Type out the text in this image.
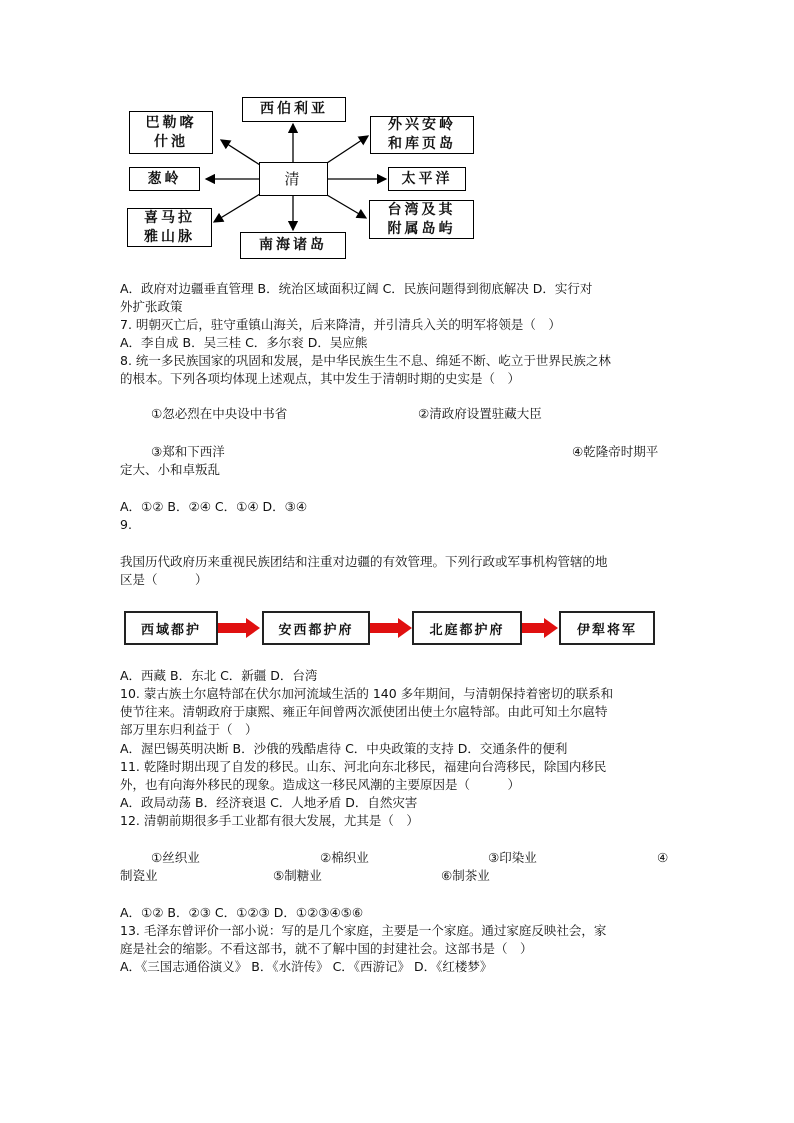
清
西伯利亚
巴勒喀
什池
外兴安岭
和库页岛
葱岭	太平洋
喜马拉
雅山脉
南海诸岛
台湾及其
附属岛屿
A．政府对边疆垂直管理 B．统治区域面积辽阔 C．民族问题得到彻底解决 D．实行对
外扩张政策
7. 明朝灭亡后，驻守重镇山海关，后来降清，并引清兵入关的明军将领是（　）
A．李自成 B．吴三桂 C．多尔衮 D．吴应熊
8. 统一多民族国家的巩固和发展，是中华民族生生不息、绵延不断、屹立于世界民族之林
的根本。下列各项均体现上述观点，其中发生于清朝时期的史实是（　）
①忽必烈在中央设中书省	②清政府设置驻藏大臣
③郑和下西洋	④乾隆帝时期平
定大、小和卓叛乱
A．①② B．②④ C．①④ D．③④
9.
我国历代政府历来重视民族团结和注重对边疆的有效管理。下列行政或军事机构管辖的地
区是（　　　）
西域都护	安西都护府	北庭都护府	伊犁将军
A．西藏 B．东北 C．新疆 D．台湾
10. 蒙古族土尔扈特部在伏尔加河流域生活的 140 多年期间，与清朝保持着密切的联系和
使节往来。清朝政府于康熙、雍正年间曾两次派使团出使土尔扈特部。由此可知土尔扈特
部万里东归利益于（　）
A．渥巴锡英明决断 B．沙俄的残酷虐待 C．中央政策的支持 D．交通条件的便利
11. 乾隆时期出现了自发的移民。山东、河北向东北移民，福建向台湾移民，除国内移民
外，也有向海外移民的现象。造成这一移民风潮的主要原因是（　　　）
A．政局动荡 B．经济衰退 C．人地矛盾 D．自然灾害
12. 清朝前期很多手工业都有很大发展，尤其是（　）
①丝织业	②棉织业	③印染业	④
制瓷业	⑤制糖业	⑥制茶业
A．①② B．②③ C．①②③ D．①②③④⑤⑥
13. 毛泽东曾评价一部小说：写的是几个家庭，主要是一个家庭。通过家庭反映社会，家
庭是社会的缩影。不看这部书，就不了解中国的封建社会。这部书是（　）
A．《三国志通俗演义》 B．《水浒传》 C．《西游记》 D．《红楼梦》
